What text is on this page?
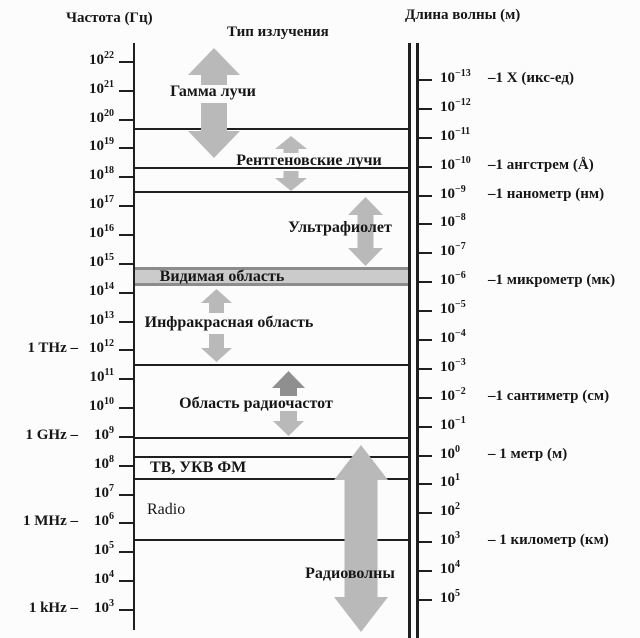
Частота (Гц)
Тип излучения
Длина волны (м)
$10^{22}$
$10^{21}$
$10^{20}$
$10^{19}$
$10^{18}$
$10^{17}$
$10^{16}$
$10^{15}$
$10^{14}$
$10^{13}$
$10^{12}$
$10^{11}$
$10^{10}$
$10^9$
$10^8$
$10^7$
$10^6$
$10^5$
$10^4$
$10^3$
1 THz –
1 GHz –
1 MHz –
1 kHz –
$10^{-13}$
$10^{-12}$
$10^{-11}$
$10^{-10}$
$10^{-9}$
$10^{-8}$
$10^{-7}$
$10^{-6}$
$10^{-5}$
$10^{-4}$
$10^{-3}$
$10^{-2}$
$10^{-1}$
$10^0$
$10^1$
$10^2$
$10^3$
$10^4$
$10^5$
–1 X (икс-ед)
–1 ангстрем (Å)
–1 нанометр (нм)
–1 микрометр (мк)
–1 сантиметр (см)
– 1 метр (м)
– 1 километр (км)
Гамма лучи
Рентгеновские лучи
Ультрафиолет
Видимая область
Инфракрасная область
Область радиочастот
ТВ, УКВ ФМ
Radio
Радиоволны
